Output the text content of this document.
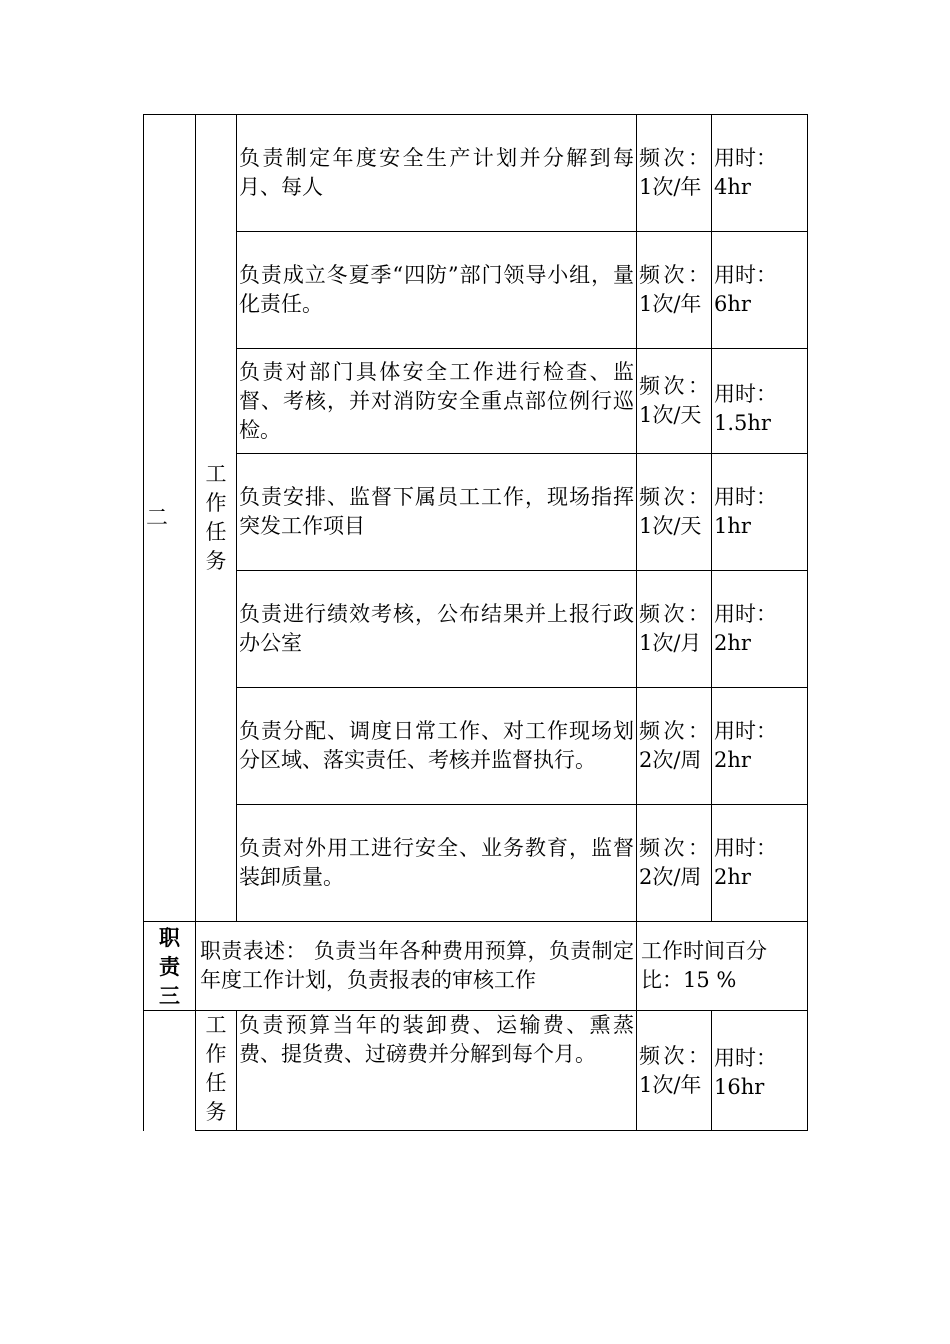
二	工作任务	负责制定年度安全生产计划并分解到每月、每人	频次：1次/年	用时：4hr
		负责成立冬夏季“四防”部门领导小组，量化责任。	频次：1次/年	用时：6hr
		负责对部门具体安全工作进行检查、监督、考核，并对消防安全重点部位例行巡检。	频次：1次/天	用时：1.5hr
		负责安排、监督下属员工工作，现场指挥突发工作项目	频次：1次/天	用时：1hr
		负责进行绩效考核，公布结果并上报行政办公室	频次：1次/月	用时：2hr
		负责分配、调度日常工作、对工作现场划分区域、落实责任、考核并监督执行。	频次：2次/周	用时：2hr
		负责对外用工进行安全、业务教育，监督装卸质量。	频次：2次/周	用时：2hr
职责三	职责表述： 负责当年各种费用预算，负责制定年度工作计划，负责报表的审核工作		工作时间百分比：15 %	
	工作任务	负责预算当年的装卸费、运输费、熏蒸费、提货费、过磅费并分解到每个月。	频次：1次/年	用时：16hr
